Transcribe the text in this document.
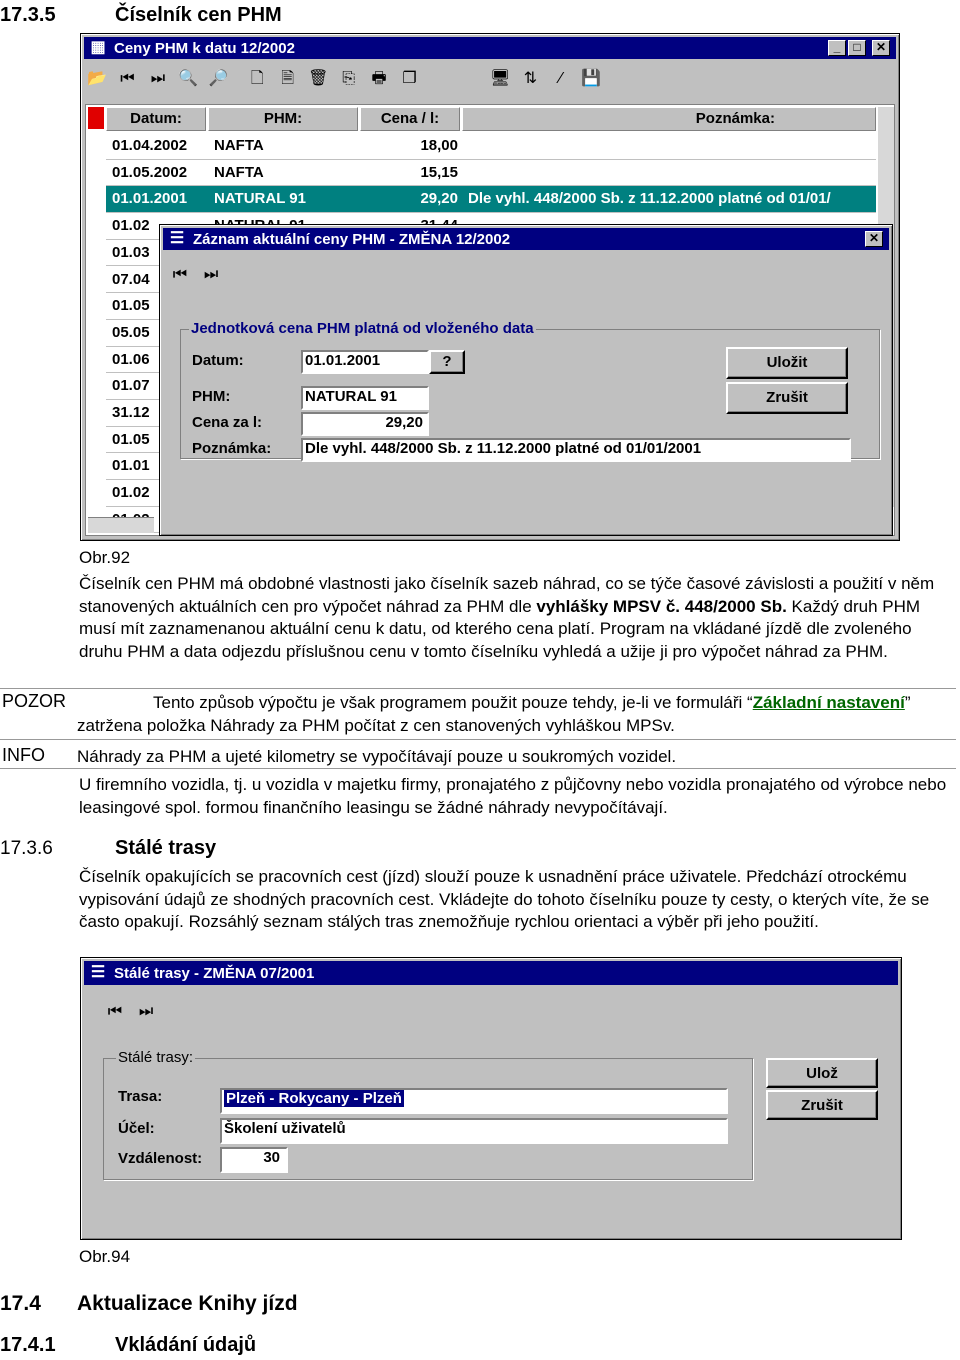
17.3.5	Číselník cen PHM
▦ Ceny PHM k datu 12/2002	_	□	✕
📂 ⏮ ⏭ 🔍 🔎 🗋 🗎 🗑 ⎘ 🖶 ❐	🖥 ⇅ ⁄ 💾
Datum:	PHM:	Cena / l:	Poznámka:
01.04.2002	NAFTA	18,00
01.05.2002	NAFTA	15,15
01.01.2001	NATURAL 91	29,20 Dle vyhl. 448/2000 Sb. z 11.12.2000 platné od 01/01/
01.02
01.03
07.04
01.05
05.05
01.06
01.07
31.12
01.05
01.01
01.02
☰ Záznam aktuální ceny PHM - ZMĚNA 12/2002	✕
⏮ ⏭
Jednotková cena PHM platná od vloženého data
Datum:	01.01.2001	?
PHM:	NATURAL 91
Cena za l:	29,20
Poznámka: Dle vyhl. 448/2000 Sb. z 11.12.2000 platné od 01/01/2001
Uložit
Zrušit
Obr.92
Číselník cen PHM má obdobné vlastnosti jako číselník sazeb náhrad, co se týče časové závislosti a použití v něm stanovených aktuálních cen pro výpočet náhrad za PHM dle vyhlášky MPSV č. 448/2000 Sb. Každý druh PHM musí mít zaznamenanou aktuální cenu k datu, od kterého cena platí. Program na vkládané jízdě dle zvoleného druhu PHM a data odjezdu příslušnou cenu v tomto číselníku vyhledá a užije ji pro výpočet náhrad za PHM.
POZOR	Tento způsob výpočtu je však programem použit pouze tehdy, je-li ve formuláři “Základní nastavení” zatržena položka Náhrady za PHM počítat z cen stanovených vyhláškou MPSv.
INFO Náhrady za PHM a ujeté kilometry se vypočítávají pouze u soukromých vozidel.
U firemního vozidla, tj. u vozidla v majetku firmy, pronajatého z půjčovny nebo vozidla pronajatého od výrobce nebo leasingové spol. formou finančního leasingu se žádné náhrady nevypočítávají.
17.3.6	Stálé trasy
Číselník opakujících se pracovních cest (jízd) slouží pouze k usnadnění práce uživatele. Předchází otrockému vypisování údajů ze shodných pracovních cest. Vkládejte do tohoto číselníku pouze ty cesty, o kterých víte, že se často opakují. Rozsáhlý seznam stálých tras znemožňuje rychlou orientaci a výběr při jeho použití.
☰ Stálé trasy - ZMĚNA 07/2001
⏮ ⏭
Stálé trasy:
Trasa:	Plzeň - Rokycany - Plzeň
Účel:	Školení uživatelů
Vzdálenost:	30
Ulož
Zrušit
Obr.94
17.4 Aktualizace Knihy jízd
17.4.1	Vkládání údajů
